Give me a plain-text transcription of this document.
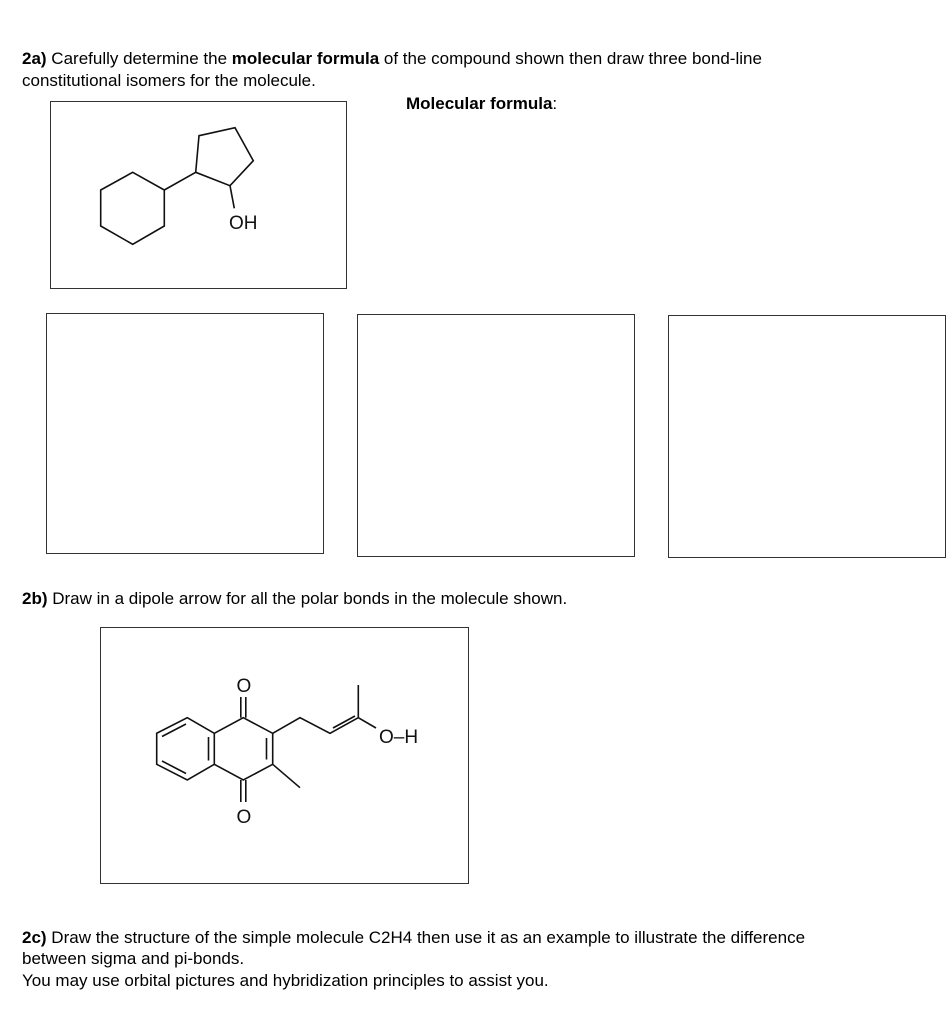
2a) Carefully determine the molecular formula of the compound shown then draw three bond-line
constitutional isomers for the molecule.
Molecular formula:
2b) Draw in a dipole arrow for all the polar bonds in the molecule shown.
2c) Draw the structure of the simple molecule C2H4 then use it as an example to illustrate the difference
between sigma and pi-bonds.
You may use orbital pictures and hybridization principles to assist you.
OH
O
O
O–H
